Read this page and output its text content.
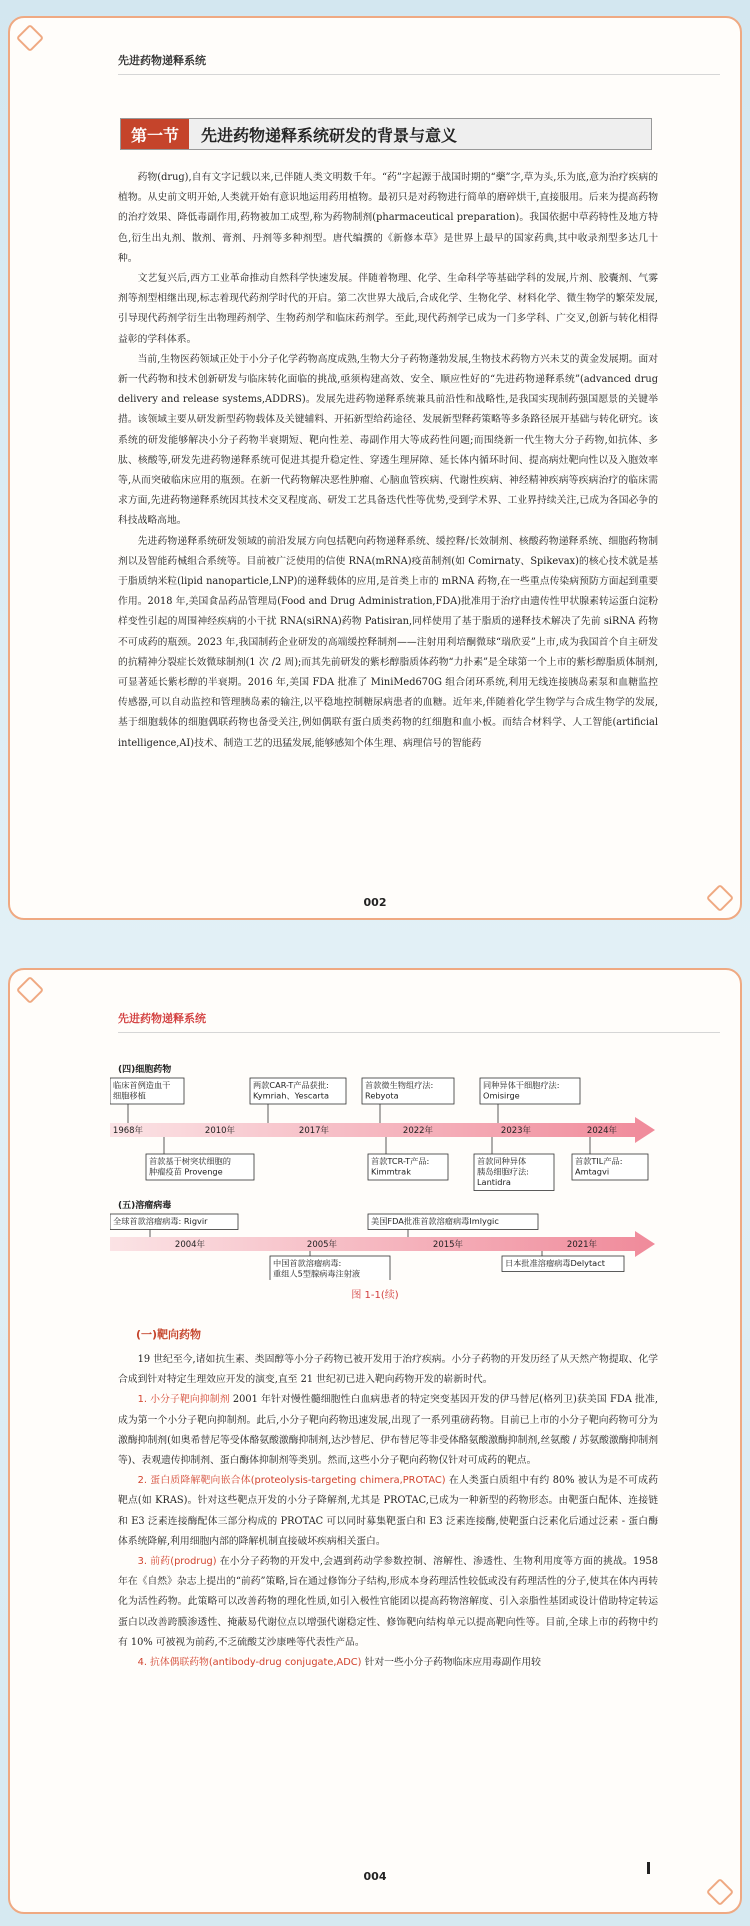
先进药物递释系统
第一节	先进药物递释系统研发的背景与意义

药物(drug),自有文字记载以来,已伴随人类文明数千年。“药”字起源于战国时期的“藥”字,草为头,乐为底,意为治疗疾病的植物。从史前文明开始,人类就开始有意识地运用药用植物。最初只是对药物进行简单的磨碎烘干,直接服用。后来为提高药物的治疗效果、降低毒副作用,药物被加工成型,称为药物制剂(pharmaceutical preparation)。我国依据中草药特性及地方特色,衍生出丸剂、散剂、膏剂、丹剂等多种剂型。唐代编撰的《新修本草》是世界上最早的国家药典,其中收录剂型多达几十种。

文艺复兴后,西方工业革命推动自然科学快速发展。伴随着物理、化学、生命科学等基础学科的发展,片剂、胶囊剂、气雾剂等剂型相继出现,标志着现代药剂学时代的开启。第二次世界大战后,合成化学、生物化学、材料化学、微生物学的繁荣发展,引导现代药剂学衍生出物理药剂学、生物药剂学和临床药剂学。至此,现代药剂学已成为一门多学科、广交叉,创新与转化相得益彰的学科体系。

当前,生物医药领域正处于小分子化学药物高度成熟,生物大分子药物蓬勃发展,生物技术药物方兴未艾的黄金发展期。面对新一代药物和技术创新研发与临床转化面临的挑战,亟须构建高效、安全、顺应性好的“先进药物递释系统”(advanced drug delivery and release systems,ADDRS)。发展先进药物递释系统兼具前沿性和战略性,是我国实现制药强国愿景的关键举措。该领域主要从研发新型药物载体及关键辅料、开拓新型给药途径、发展新型释药策略等多条路径展开基础与转化研究。该系统的研发能够解决小分子药物半衰期短、靶向性差、毒副作用大等成药性问题;而围绕新一代生物大分子药物,如抗体、多肽、核酸等,研发先进药物递释系统可促进其提升稳定性、穿透生理屏障、延长体内循环时间、提高病灶靶向性以及入胞效率等,从而突破临床应用的瓶颈。在新一代药物解决恶性肿瘤、心脑血管疾病、代谢性疾病、神经精神疾病等疾病治疗的临床需求方面,先进药物递释系统因其技术交叉程度高、研发工艺具备迭代性等优势,受到学术界、工业界持续关注,已成为各国必争的科技战略高地。

先进药物递释系统研发领域的前沿发展方向包括靶向药物递释系统、缓控释/长效制剂、核酸药物递释系统、细胞药物制剂以及智能药械组合系统等。目前被广泛使用的信使 RNA(mRNA)疫苗制剂(如 Comirnaty、Spikevax)的核心技术就是基于脂质纳米粒(lipid nanoparticle,LNP)的递释载体的应用,是首类上市的 mRNA 药物,在一些重点传染病预防方面起到重要作用。2018 年,美国食品药品管理局(Food and Drug Administration,FDA)批准用于治疗由遗传性甲状腺素转运蛋白淀粉样变性引起的周围神经疾病的小干扰 RNA(siRNA)药物 Patisiran,同样使用了基于脂质的递释技术解决了先前 siRNA 药物不可成药的瓶颈。2023 年,我国制药企业研发的高端缓控释制剂——注射用利培酮微球“瑞欣妥”上市,成为我国首个自主研发的抗精神分裂症长效微球制剂(1 次 /2 周);而其先前研发的紫杉醇脂质体药物“力扑素”是全球第一个上市的紫杉醇脂质体制剂,可显著延长紫杉醇的半衰期。2016 年,美国 FDA 批准了 MiniMed670G 组合闭环系统,利用无线连接胰岛素泵和血糖监控传感器,可以自动监控和管理胰岛素的输注,以平稳地控制糖尿病患者的血糖。近年来,伴随着化学生物学与合成生物学的发展,基于细胞载体的细胞偶联药物也备受关注,例如偶联有蛋白质类药物的红细胞和血小板。而结合材料学、人工智能(artificial intelligence,AI)技术、制造工艺的迅猛发展,能够感知个体生理、病理信号的智能药

002
先进药物递释系统
(四)细胞药物
1968年	2010年	2017年	2022年	2023年	2024年
临床首例造血干
细胞移植
两款CAR-T产品获批:
Kymriah、Yescarta
首款微生物组疗法:
Rebyota
同种异体干细胞疗法:
Omisirge
首款基于树突状细胞的
肿瘤疫苗 Provenge
首款TCR-T产品:
Kimmtrak
首款同种异体
胰岛细胞疗法:
Lantidra
首款TIL产品:
Amtagvi
(五)溶瘤病毒
2004年	2005年	2015年	2021年
全球首款溶瘤病毒: Rigvir	美国FDA批准首款溶瘤病毒Imlygic
中国首款溶瘤病毒:
重组人5型腺病毒注射液
日本批准溶瘤病毒Delytact
图 1-1(续)
(一)靶向药物

19 世纪至今,诸如抗生素、类固醇等小分子药物已被开发用于治疗疾病。小分子药物的开发历经了从天然产物提取、化学合成到针对特定生理效应开发的演变,直至 21 世纪初已进入靶向药物开发的崭新时代。

1. 小分子靶向抑制剂 2001 年针对慢性髓细胞性白血病患者的特定突变基因开发的伊马替尼(格列卫)获美国 FDA 批准,成为第一个小分子靶向抑制剂。此后,小分子靶向药物迅速发展,出现了一系列重磅药物。目前已上市的小分子靶向药物可分为激酶抑制剂(如奥希替尼等受体酪氨酸激酶抑制剂,达沙替尼、伊布替尼等非受体酪氨酸激酶抑制剂,丝氨酸 / 苏氨酸激酶抑制剂等)、表观遗传抑制剂、蛋白酶体抑制剂等类别。然而,这些小分子靶向药物仅针对可成药的靶点。

2. 蛋白质降解靶向嵌合体(proteolysis-targeting chimera,PROTAC) 在人类蛋白质组中有约 80% 被认为是不可成药靶点(如 KRAS)。针对这些靶点开发的小分子降解剂,尤其是 PROTAC,已成为一种新型的药物形态。由靶蛋白配体、连接链和 E3 泛素连接酶配体三部分构成的 PROTAC 可以同时募集靶蛋白和 E3 泛素连接酶,使靶蛋白泛素化后通过泛素 - 蛋白酶体系统降解,利用细胞内部的降解机制直接破坏疾病相关蛋白。

3. 前药(prodrug) 在小分子药物的开发中,会遇到药动学参数控制、溶解性、渗透性、生物利用度等方面的挑战。1958 年在《自然》杂志上提出的“前药”策略,旨在通过修饰分子结构,形成本身药理活性较低或没有药理活性的分子,使其在体内再转化为活性药物。此策略可以改善药物的理化性质,如引入极性官能团以提高药物溶解度、引入亲脂性基团或设计借助特定转运蛋白以改善跨膜渗透性、掩蔽易代谢位点以增强代谢稳定性、修饰靶向结构单元以提高靶向性等。目前,全球上市的药物中约有 10% 可被视为前药,不乏硫酸艾沙康唑等代表性产品。

4. 抗体偶联药物(antibody-drug conjugate,ADC) 针对一些小分子药物临床应用毒副作用较

004
